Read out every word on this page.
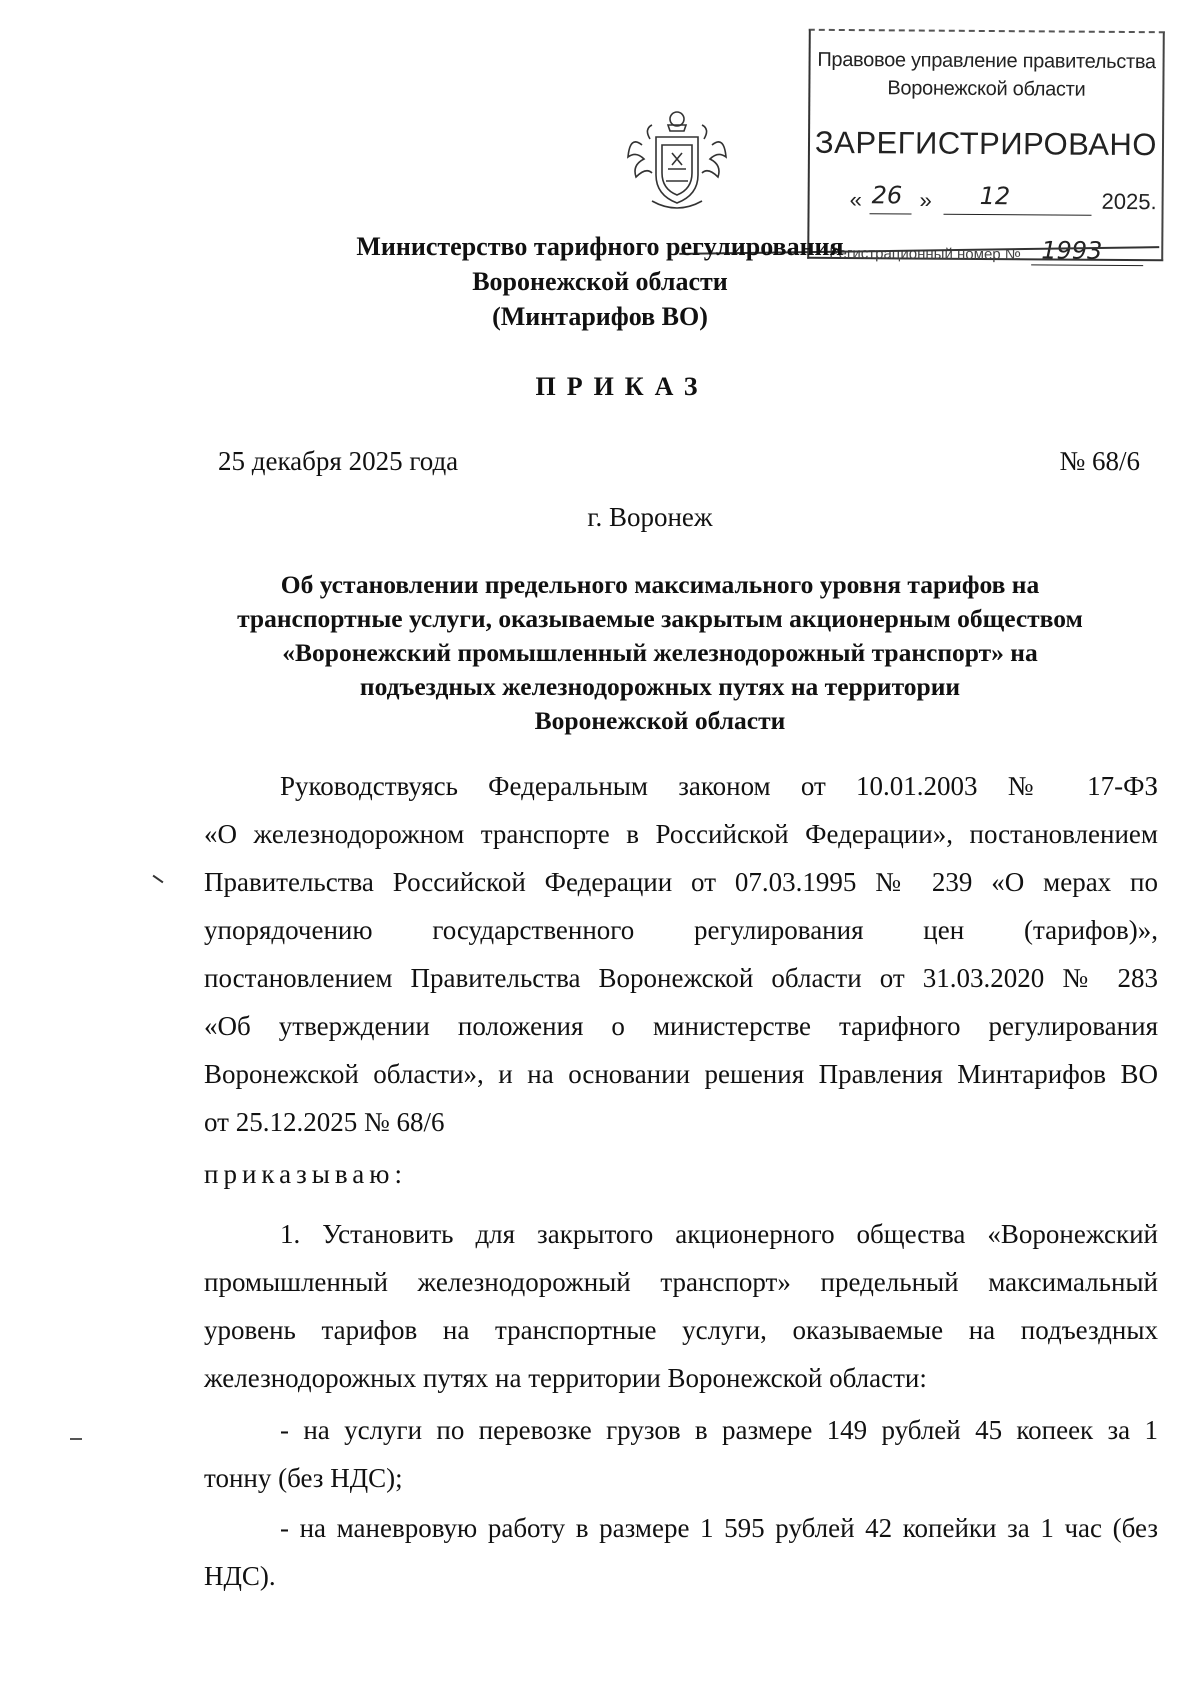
Правовое управление правительства
Воронежской области
ЗАРЕГИСТРИРОВАНО
« 26 » 12	2025.
Регистрационный номер № 1993
Министерство тарифного регулирования
Воронежской области
(Минтарифов ВО)
ПРИКАЗ
25 декабря 2025 года	№ 68/6
г. Воронеж
Об установлении предельного максимального уровня тарифов на
транспортные услуги, оказываемые закрытым акционерным обществом
«Воронежский промышленный железнодорожный транспорт» на
подъездных железнодорожных путях на территории
Воронежской области
Руководствуясь Федеральным законом от 10.01.2003 № 17-ФЗ
«О железнодорожном транспорте в Российской Федерации», постановлением
Правительства Российской Федерации от 07.03.1995 № 239 «О мерах по
упорядочению государственного регулирования цен (тарифов)»,
постановлением Правительства Воронежской области от 31.03.2020 № 283
«Об утверждении положения о министерстве тарифного регулирования
Воронежской области», и на основании решения Правления Минтарифов ВО
от 25.12.2025 № 68/6
приказываю:
1. Установить для закрытого акционерного общества «Воронежский
промышленный железнодорожный транспорт» предельный максимальный
уровень тарифов на транспортные услуги, оказываемые на подъездных
железнодорожных путях на территории Воронежской области:
- на услуги по перевозке грузов в размере 149 рублей 45 копеек за 1
тонну (без НДС);
- на маневровую работу в размере 1 595 рублей 42 копейки за 1 час (без
НДС).
